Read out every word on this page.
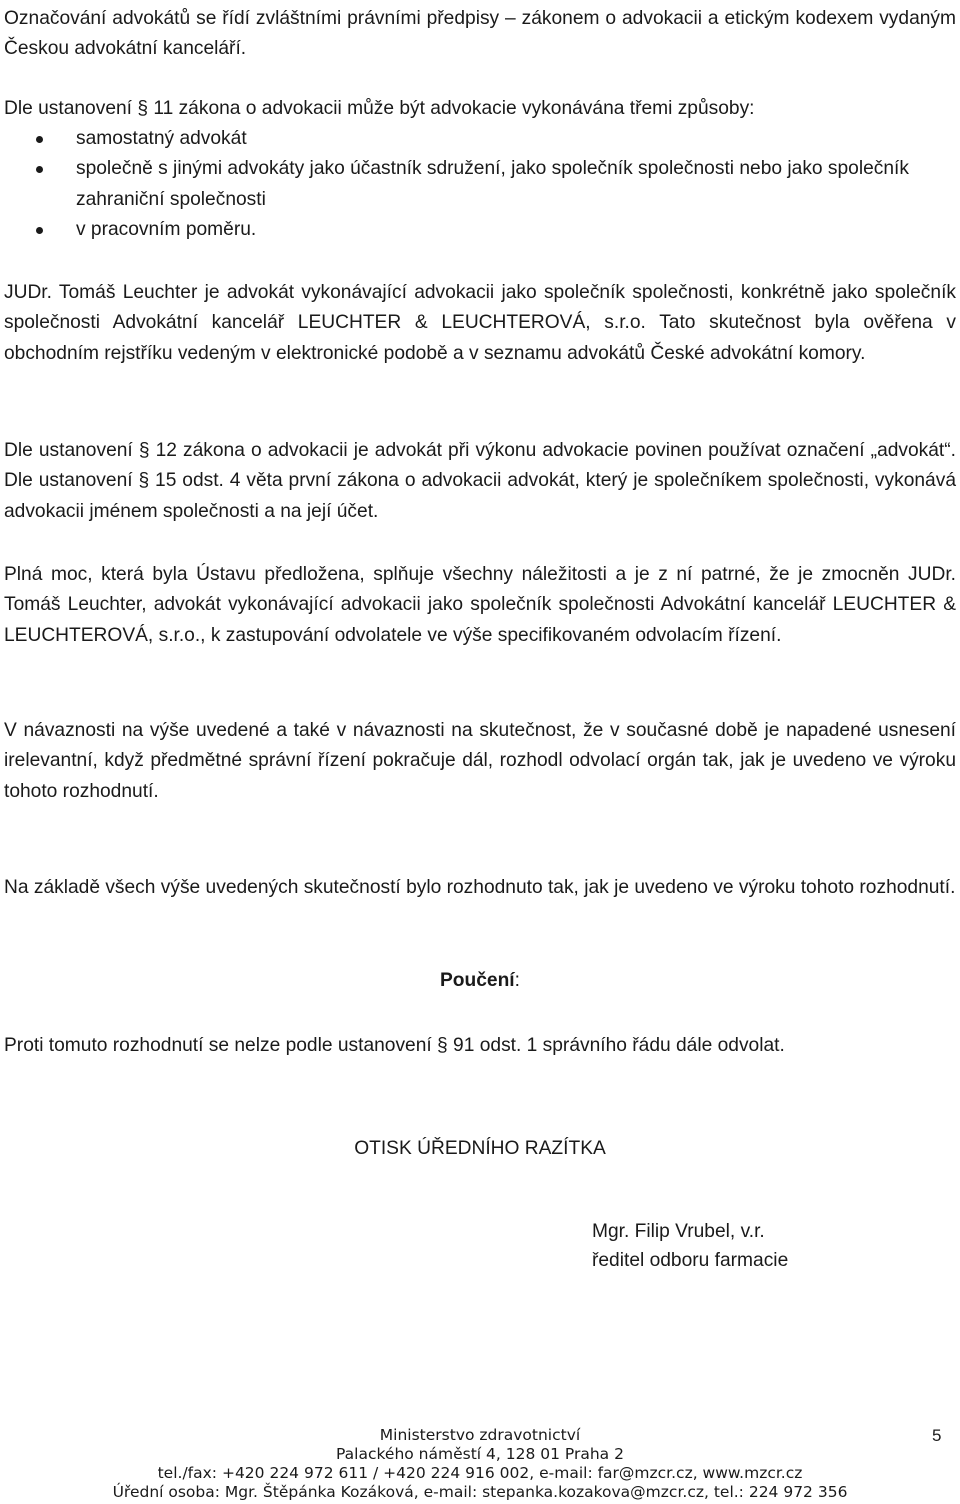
Označování advokátů se řídí zvláštními právními předpisy – zákonem o advokacii a etickým kodexem vydaným Českou advokátní kanceláří.

Dle ustanovení § 11 zákona o advokacii může být advokacie vykonávána třemi způsoby:

samostatný advokát
společně s jinými advokáty jako účastník sdružení, jako společník společnosti nebo jako společník zahraniční společnosti
v pracovním poměru.

JUDr. Tomáš Leuchter je advokát vykonávající advokacii jako společník společnosti, konkrétně jako společník společnosti Advokátní kancelář LEUCHTER & LEUCHTEROVÁ, s.r.o. Tato skutečnost byla ověřena v obchodním rejstříku vedeným v elektronické podobě a v seznamu advokátů České advokátní komory.

Dle ustanovení § 12 zákona o advokacii je advokát při výkonu advokacie povinen používat označení „advokát“. Dle ustanovení § 15 odst. 4 věta první zákona o advokacii advokát, který je společníkem společnosti, vykonává advokacii jménem společnosti a na její účet.

Plná moc, která byla Ústavu předložena, splňuje všechny náležitosti a je z ní patrné, že je zmocněn JUDr. Tomáš Leuchter, advokát vykonávající advokacii jako společník společnosti Advokátní kancelář LEUCHTER & LEUCHTEROVÁ, s.r.o., k zastupování odvolatele ve výše specifikovaném odvolacím řízení.

V návaznosti na výše uvedené a také v návaznosti na skutečnost, že v současné době je napadené usnesení irelevantní, když předmětné správní řízení pokračuje dál, rozhodl odvolací orgán tak, jak je uvedeno ve výroku tohoto rozhodnutí.

Na základě všech výše uvedených skutečností bylo rozhodnuto tak, jak je uvedeno ve výroku tohoto rozhodnutí.

Poučení:

Proti tomuto rozhodnutí se nelze podle ustanovení § 91 odst. 1 správního řádu dále odvolat.

OTISK ÚŘEDNÍHO RAZÍTKA
Mgr. Filip Vrubel, v.r.
ředitel odboru farmacie
Ministerstvo zdravotnictví
Palackého náměstí 4, 128 01 Praha 2
tel./fax: +420 224 972 611 / +420 224 916 002, e-mail: far@mzcr.cz, www.mzcr.cz
Úřední osoba: Mgr. Štěpánka Kozáková, e-mail: stepanka.kozakova@mzcr.cz, tel.: 224 972 356
5
